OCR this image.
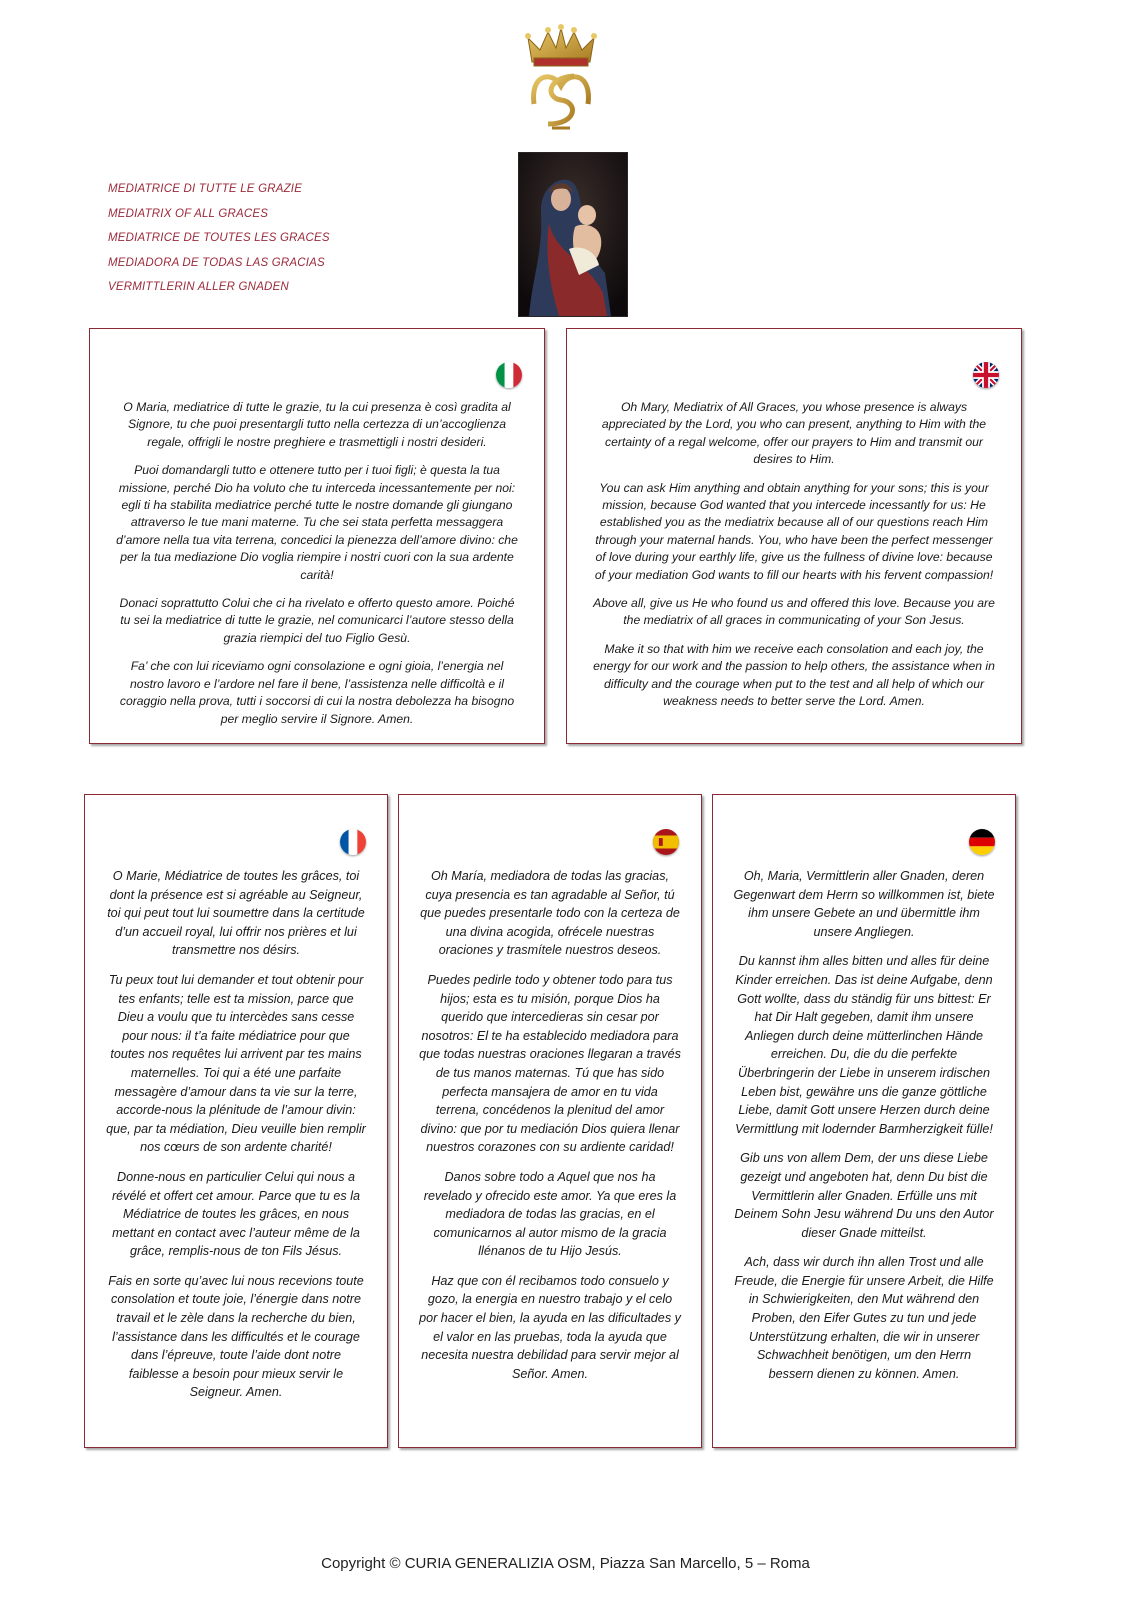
MEDIATRICE DI TUTTE LE GRAZIE
MEDIATRIX OF ALL GRACES
MEDIATRICE DE TOUTES LES GRACES
MEDIADORA DE TODAS LAS GRACIAS
VERMITTLERIN ALLER GNADEN

O Maria, mediatrice di tutte le grazie, tu la cui presenza è così gradita al Signore, tu che puoi presentargli tutto nella certezza di un’accoglienza regale, offrigli le nostre preghiere e trasmettigli i nostri desideri.

Puoi domandargli tutto e ottenere tutto per i tuoi figli; è questa la tua missione, perché Dio ha voluto che tu interceda incessantemente per noi: egli ti ha stabilita mediatrice perché tutte le nostre domande gli giungano attraverso le tue mani materne. Tu che sei stata perfetta messaggera d’amore nella tua vita terrena, concedici la pienezza dell’amore divino: che per la tua mediazione Dio voglia riempire i nostri cuori con la sua ardente carità!

Donaci soprattutto Colui che ci ha rivelato e offerto questo amore. Poiché tu sei la mediatrice di tutte le grazie, nel comunicarci l’autore stesso della grazia riempici del tuo Figlio Gesù.

Fa’ che con lui riceviamo ogni consolazione e ogni gioia, l’energia nel nostro lavoro e l’ardore nel fare il bene, l’assistenza nelle difficoltà e il coraggio nella prova, tutti i soccorsi di cui la nostra debolezza ha bisogno per meglio servire il Signore. Amen.

Oh Mary, Mediatrix of All Graces, you whose presence is always appreciated by the Lord, you who can present, anything to Him with the certainty of a regal welcome, offer our prayers to Him and transmit our desires to Him.

You can ask Him anything and obtain anything for your sons; this is your mission, because God wanted that you intercede incessantly for us: He established you as the mediatrix because all of our questions reach Him through your maternal hands. You, who have been the perfect messenger of love during your earthly life, give us the fullness of divine love: because of your mediation God wants to fill our hearts with his fervent compassion!

Above all, give us He who found us and offered this love. Because you are the mediatrix of all graces in communicating of your Son Jesus.

Make it so that with him we receive each consolation and each joy, the energy for our work and the passion to help others, the assistance when in difficulty and the courage when put to the test and all help of which our weakness needs to better serve the Lord. Amen.

O Marie, Médiatrice de toutes les grâces, toi dont la présence est si agréable au Seigneur, toi qui peut tout lui soumettre dans la certitude d’un accueil royal, lui offrir nos prières et lui transmettre nos désirs.

Tu peux tout lui demander et tout obtenir pour tes enfants; telle est ta mission, parce que Dieu a voulu que tu intercèdes sans cesse pour nous: il t’a faite médiatrice pour que toutes nos requêtes lui arrivent par tes mains maternelles. Toi qui a été une parfaite messagère d’amour dans ta vie sur la terre, accorde-nous la plénitude de l’amour divin: que, par ta médiation, Dieu veuille bien remplir nos cœurs de son ardente charité!

Donne-nous en particulier Celui qui nous a révélé et offert cet amour. Parce que tu es la Médiatrice de toutes les grâces, en nous mettant en contact avec l’auteur même de la grâce, remplis-nous de ton Fils Jésus.

Fais en sorte qu’avec lui nous recevions toute consolation et toute joie, l’énergie dans notre travail et le zèle dans la recherche du bien, l’assistance dans les difficultés et le courage dans l’épreuve, toute l’aide dont notre faiblesse a besoin pour mieux servir le Seigneur. Amen.

Oh María, mediadora de todas las gracias, cuya presencia es tan agradable al Señor, tú que puedes presentarle todo con la certeza de una divina acogida, ofrécele nuestras oraciones y trasmítele nuestros deseos.

Puedes pedirle todo y obtener todo para tus hijos; esta es tu misión, porque Dios ha querido que intercedieras sin cesar por nosotros: El te ha establecido mediadora para que todas nuestras oraciones llegaran a través de tus manos maternas. Tú que has sido perfecta mansajera de amor en tu vida terrena, concédenos la plenitud del amor divino: que por tu mediación Dios quiera llenar nuestros corazones con su ardiente caridad!

Danos sobre todo a Aquel que nos ha revelado y ofrecido este amor. Ya que eres la mediadora de todas las gracias, en el comunicarnos al autor mismo de la gracia llénanos de tu Hijo Jesús.

Haz que con él recibamos todo consuelo y gozo, la energia en nuestro trabajo y el celo por hacer el bien, la ayuda en las dificultades y el valor en las pruebas, toda la ayuda que necesita nuestra debilidad para servir mejor al Señor. Amen.

Oh, Maria, Vermittlerin aller Gnaden, deren Gegenwart dem Herrn so willkommen ist, biete ihm unsere Gebete an und übermittle ihm unsere Angliegen.

Du kannst ihm alles bitten und alles für deine Kinder erreichen. Das ist deine Aufgabe, denn Gott wollte, dass du ständig für uns bittest: Er hat Dir Halt gegeben, damit ihm unsere Anliegen durch deine mütterlinchen Hände erreichen. Du, die du die perfekte Überbringerin der Liebe in unserem irdischen Leben bist, gewähre uns die ganze göttliche Liebe, damit Gott unsere Herzen durch deine Vermittlung mit lodernder Barmherzigkeit fülle!

Gib uns von allem Dem, der uns diese Liebe gezeigt und angeboten hat, denn Du bist die Vermittlerin aller Gnaden. Erfülle uns mit Deinem Sohn Jesu während Du uns den Autor dieser Gnade mitteilst.

Ach, dass wir durch ihn allen Trost und alle Freude, die Energie für unsere Arbeit, die Hilfe in Schwierigkeiten, den Mut während den Proben, den Eifer Gutes zu tun und jede Unterstützung erhalten, die wir in unserer Schwachheit benötigen, um den Herrn bessern dienen zu können. Amen.

Copyright © CURIA GENERALIZIA OSM, Piazza San Marcello, 5 – Roma
